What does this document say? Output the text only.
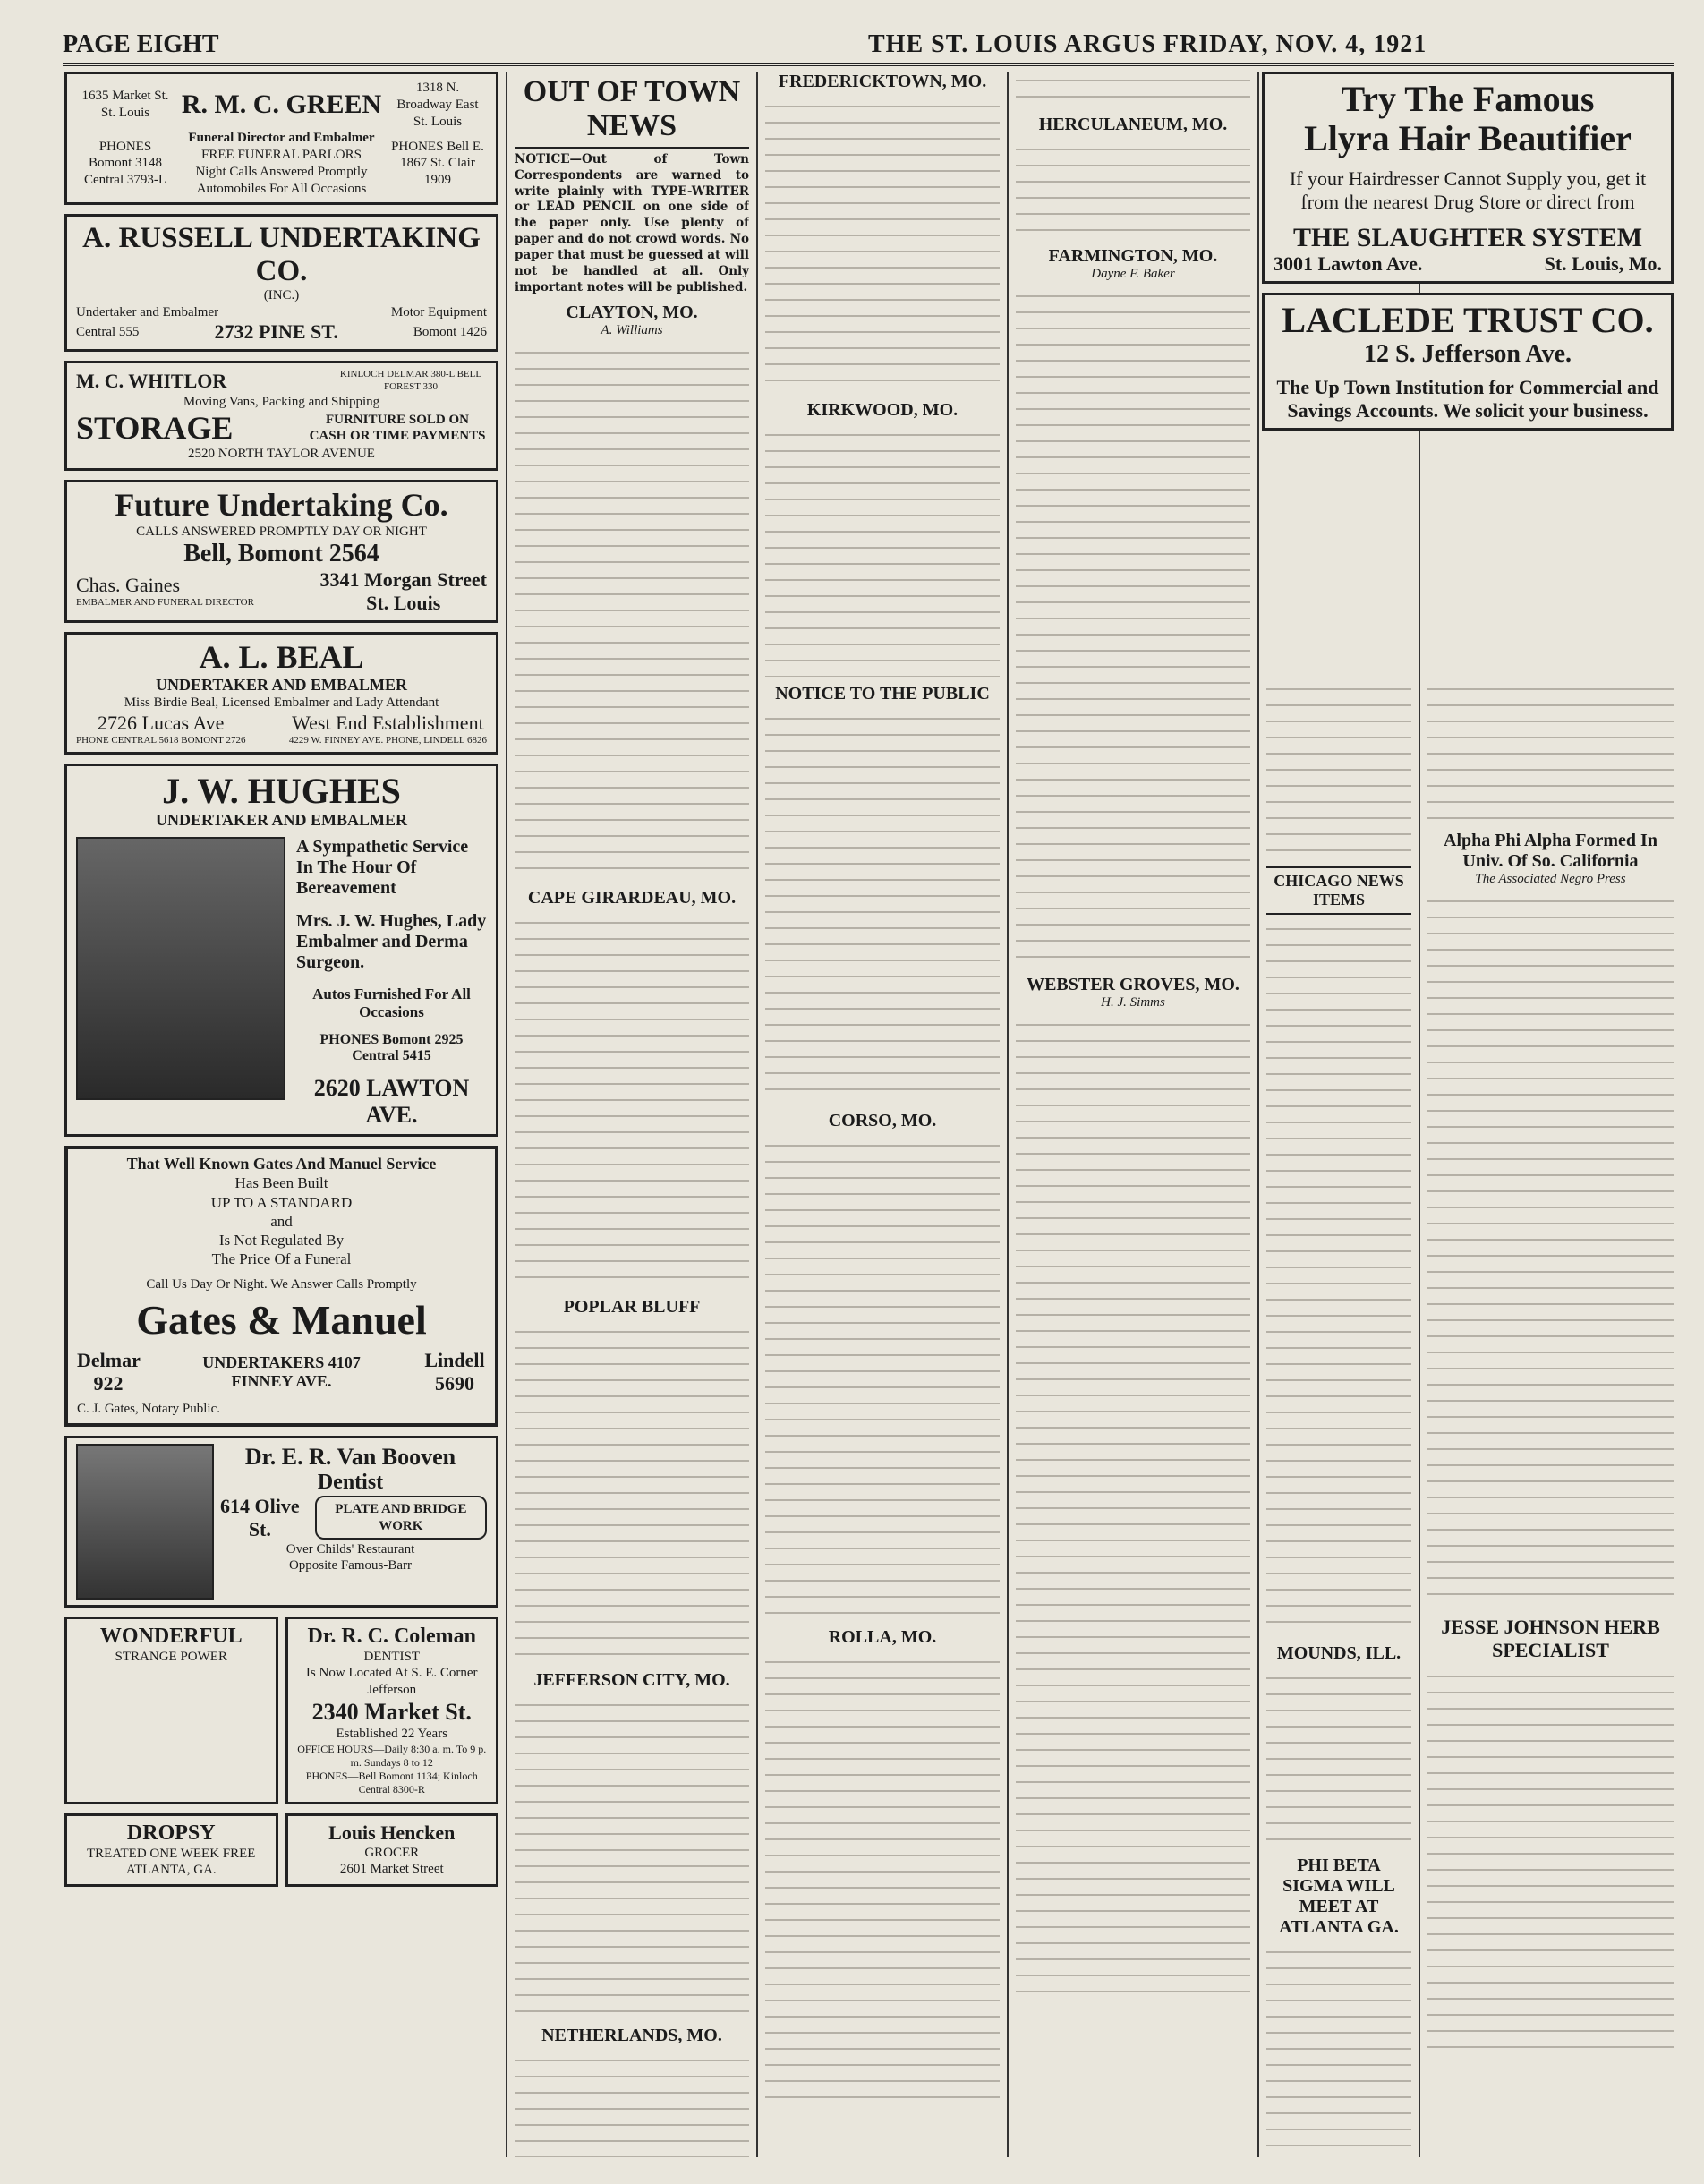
PAGE EIGHT	THE ST. LOUIS ARGUS FRIDAY, NOV. 4, 1921
1635 Market St. St. Louis	R. M. C. GREEN
1318 N. Broadway East St. Louis
PHONES Bomont 3148 Central 3793-L
Funeral Director and Embalmer
FREE FUNERAL PARLORS
Night Calls Answered Promptly
Automobiles For All Occasions
PHONES Bell E. 1867 St. Clair 1909
A. RUSSELL UNDERTAKING CO.
(INC.)
Undertaker and Embalmer	Motor Equipment
Central 555	2732 PINE ST.	Bomont 1426
M. C. WHITLOR	KINLOCH DELMAR 380-L BELL FOREST 330
Moving Vans, Packing and Shipping
STORAGE	FURNITURE SOLD ON CASH OR TIME PAYMENTS
2520 NORTH TAYLOR AVENUE
Future Undertaking Co.
CALLS ANSWERED PROMPTLY DAY OR NIGHT
Bell, Bomont 2564
Chas. Gaines
EMBALMER AND FUNERAL DIRECTOR
3341 Morgan Street
St. Louis
A. L. BEAL
UNDERTAKER AND EMBALMER
Miss Birdie Beal, Licensed Embalmer and Lady Attendant
2726 Lucas Ave
PHONE CENTRAL 5618 BOMONT 2726
West End Establishment
4229 W. FINNEY AVE. PHONE, LINDELL 6826
J. W. HUGHES
UNDERTAKER AND EMBALMER
A Sympathetic Service In The Hour Of Bereavement
Mrs. J. W. Hughes, Lady Embalmer and Derma Surgeon.
Autos Furnished For All Occasions
PHONES Bomont 2925 Central 5415
2620 LAWTON AVE.
That Well Known Gates And Manuel Service
Has Been Built
UP TO A STANDARD
and
Is Not Regulated By
The Price Of a Funeral
Call Us Day Or Night. We Answer Calls Promptly
Gates & Manuel
Delmar 922
UNDERTAKERS 4107 FINNEY AVE.
Lindell 5690
C. J. Gates, Notary Public.
Dr. E. R. Van Booven
Dentist
614 Olive St.
PLATE AND BRIDGE WORK
Over Childs' Restaurant
Opposite Famous-Barr
WONDERFUL
STRANGE POWER
Dr. R. C. Coleman
DENTIST
Is Now Located At S. E. Corner Jefferson
2340 Market St.
Established 22 Years
OFFICE HOURS—Daily 8:30 a. m. To 9 p. m. Sundays 8 to 12
PHONES—Bell Bomont 1134; Kinloch Central 8300-R
DROPSY
TREATED ONE WEEK FREE
ATLANTA, GA.
Louis Hencken
GROCER
2601 Market Street
OUT OF TOWN NEWS
NOTICE—Out of Town Correspondents are warned to write plainly with TYPE-WRITER or LEAD PENCIL on one side of the paper only. Use plenty of paper and do not crowd words. No paper that must be guessed at will not be handled at all. Only important notes will be published.
CLAYTON, MO.
A. Williams
CAPE GIRARDEAU, MO.
POPLAR BLUFF
JEFFERSON CITY, MO.
NETHERLANDS, MO.
FREDERICKTOWN, MO.
KIRKWOOD, MO.
NOTICE TO THE PUBLIC
CORSO, MO.
ROLLA, MO.
HERCULANEUM, MO.
FARMINGTON, MO.
Dayne F. Baker
WEBSTER GROVES, MO.
H. J. Simms
Try The Famous
Llyra Hair Beautifier
If your Hairdresser Cannot Supply you, get it from the nearest Drug Store or direct from
THE SLAUGHTER SYSTEM
3001 Lawton Ave.	St. Louis, Mo.
LACLEDE TRUST CO.
12 S. Jefferson Ave.
The Up Town Institution for Commercial and Savings Accounts. We solicit your business.
CHICAGO NEWS ITEMS
MOUNDS, ILL.
PHI BETA SIGMA WILL MEET AT ATLANTA GA.
Alpha Phi Alpha Formed In Univ. Of So. California
The Associated Negro Press
JESSE JOHNSON HERB SPECIALIST
